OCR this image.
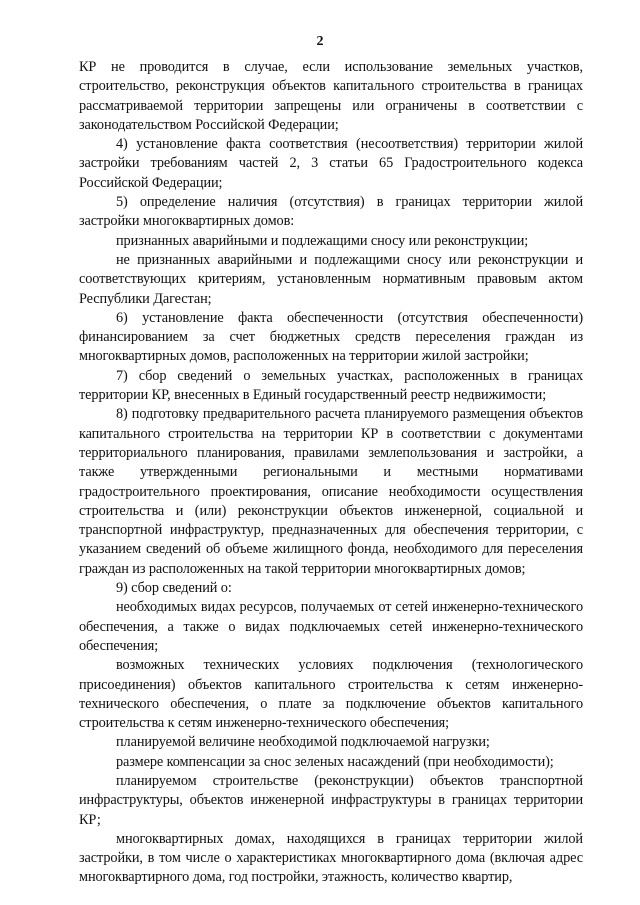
2

КР не проводится в случае, если использование земельных участков, строительство, реконструкция объектов капитального строительства в границах рассматриваемой территории запрещены или ограничены в соответствии с законодательством Российской Федерации;

4) установление факта соответствия (несоответствия) территории жилой застройки требованиям частей 2, 3 статьи 65 Градостроительного кодекса Российской Федерации;

5) определение наличия (отсутствия) в границах территории жилой застройки многоквартирных домов:

признанных аварийными и подлежащими сносу или реконструкции;

не признанных аварийными и подлежащими сносу или реконструкции и соответствующих критериям, установленным нормативным правовым актом Республики Дагестан;

6) установление факта обеспеченности (отсутствия обеспеченности) финансированием за счет бюджетных средств переселения граждан из многоквартирных домов, расположенных на территории жилой застройки;

7) сбор сведений о земельных участках, расположенных в границах территории КР, внесенных в Единый государственный реестр недвижимости;

8) подготовку предварительного расчета планируемого размещения объектов капитального строительства на территории КР в соответствии с документами территориального планирования, правилами землепользования и застройки, а также утвержденными региональными и местными нормативами градостроительного проектирования, описание необходимости осуществления строительства и (или) реконструкции объектов инженерной, социальной и транспортной инфраструктур, предназначенных для обеспечения территории, с указанием сведений об объеме жилищного фонда, необходимого для переселения граждан из расположенных на такой территории многоквартирных домов;

9) сбор сведений о:

необходимых видах ресурсов, получаемых от сетей инженерно-технического обеспечения, а также о видах подключаемых сетей инженерно-технического обеспечения;

возможных технических условиях подключения (технологического присоединения) объектов капитального строительства к сетям инженерно-технического обеспечения, о плате за подключение объектов капитального строительства к сетям инженерно-технического обеспечения;

планируемой величине необходимой подключаемой нагрузки;

размере компенсации за снос зеленых насаждений (при необходимости);

планируемом строительстве (реконструкции) объектов транспортной инфраструктуры, объектов инженерной инфраструктуры в границах территории КР;

многоквартирных домах, находящихся в границах территории жилой застройки, в том числе о характеристиках многоквартирного дома (включая адрес многоквартирного дома, год постройки, этажность, количество квартир,
